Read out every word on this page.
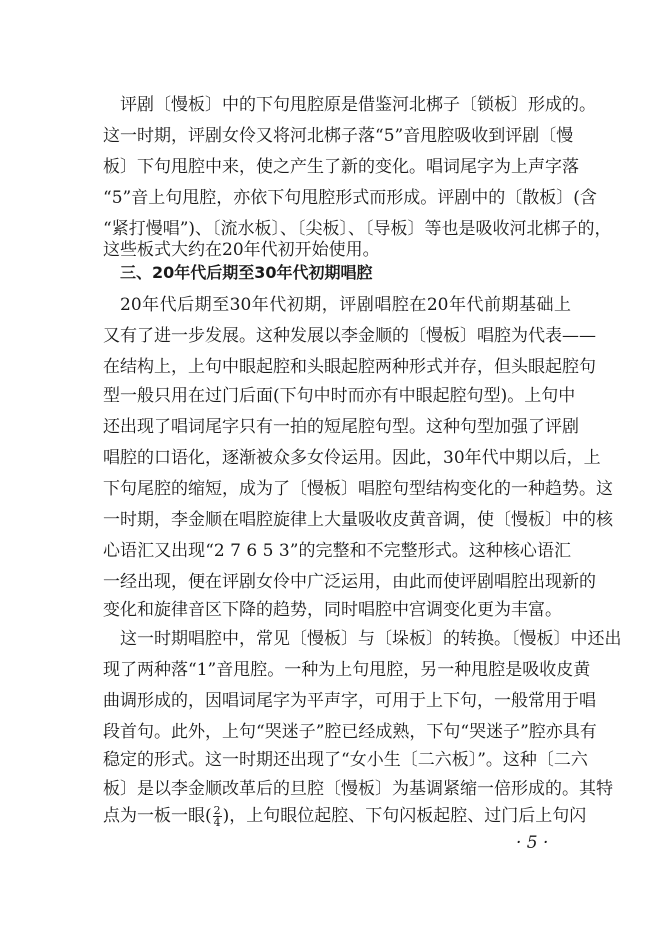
评剧〔慢板〕中的下句甩腔原是借鉴河北梆子〔锁板〕形成的。
这一时期，评剧女伶又将河北梆子落“5”音甩腔吸收到评剧〔慢
板〕下句甩腔中来，使之产生了新的变化。唱词尾字为上声字落
“5”音上句甩腔，亦依下句甩腔形式而形成。评剧中的〔散板〕(含
“紧打慢唱”)、〔流水板〕、〔尖板〕、〔导板〕等也是吸收河北梆子的，
这些板式大约在20年代初开始使用。
三、20年代后期至30年代初期唱腔
20年代后期至30年代初期，评剧唱腔在20年代前期基础上
又有了进一步发展。这种发展以李金顺的〔慢板〕唱腔为代表——
在结构上，上句中眼起腔和头眼起腔两种形式并存，但头眼起腔句
型一般只用在过门后面(下句中时而亦有中眼起腔句型)。上句中
还出现了唱词尾字只有一拍的短尾腔句型。这种句型加强了评剧
唱腔的口语化，逐渐被众多女伶运用。因此，30年代中期以后，上
下句尾腔的缩短，成为了〔慢板〕唱腔句型结构变化的一种趋势。这
一时期，李金顺在唱腔旋律上大量吸收皮黄音调，使〔慢板〕中的核
心语汇又出现“2 7 6 5 3”的完整和不完整形式。这种核心语汇
一经出现，便在评剧女伶中广泛运用，由此而使评剧唱腔出现新的
变化和旋律音区下降的趋势，同时唱腔中宫调变化更为丰富。
这一时期唱腔中，常见〔慢板〕与〔垛板〕的转换。〔慢板〕中还出
现了两种落“1”音甩腔。一种为上句甩腔，另一种甩腔是吸收皮黄
曲调形成的，因唱词尾字为平声字，可用于上下句，一般常用于唱
段首句。此外，上句“哭迷子”腔已经成熟，下句“哭迷子”腔亦具有
稳定的形式。这一时期还出现了“女小生〔二六板〕”。这种〔二六
板〕是以李金顺改革后的旦腔〔慢板〕为基调紧缩一倍形成的。其特
点为一板一眼( $\frac{2}{4}$ )，上句眼位起腔、下句闪板起腔、过门后上句闪
· 5 ·
